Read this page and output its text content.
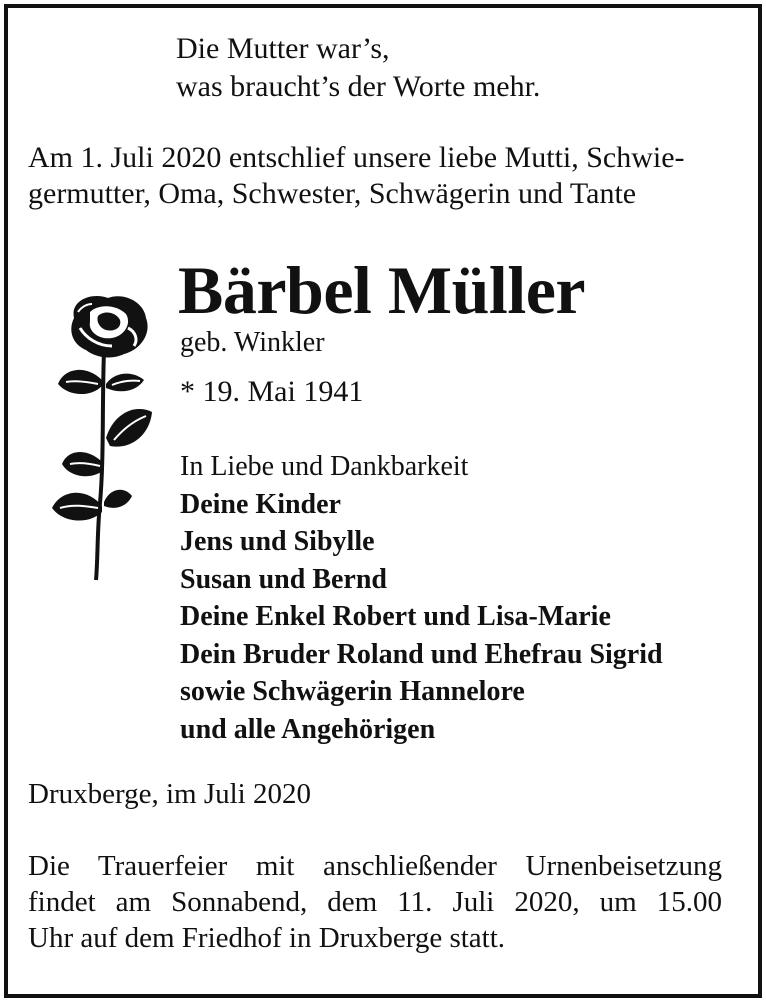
Die Mutter war’s,
was braucht’s der Worte mehr.
Am 1. Juli 2020 entschlief unsere liebe Mutti, Schwie-
germutter, Oma, Schwester, Schwägerin und Tante
Bärbel Müller
geb. Winkler
* 19. Mai 1941
In Liebe und Dankbarkeit
Deine Kinder
Jens und Sibylle
Susan und Bernd
Deine Enkel Robert und Lisa-Marie
Dein Bruder Roland und Ehefrau Sigrid
sowie Schwägerin Hannelore
und alle Angehörigen
Druxberge, im Juli 2020
Die Trauerfeier mit anschließender Urnenbeisetzung
findet am Sonnabend, dem 11. Juli 2020, um 15.00
Uhr auf dem Friedhof in Druxberge statt.
